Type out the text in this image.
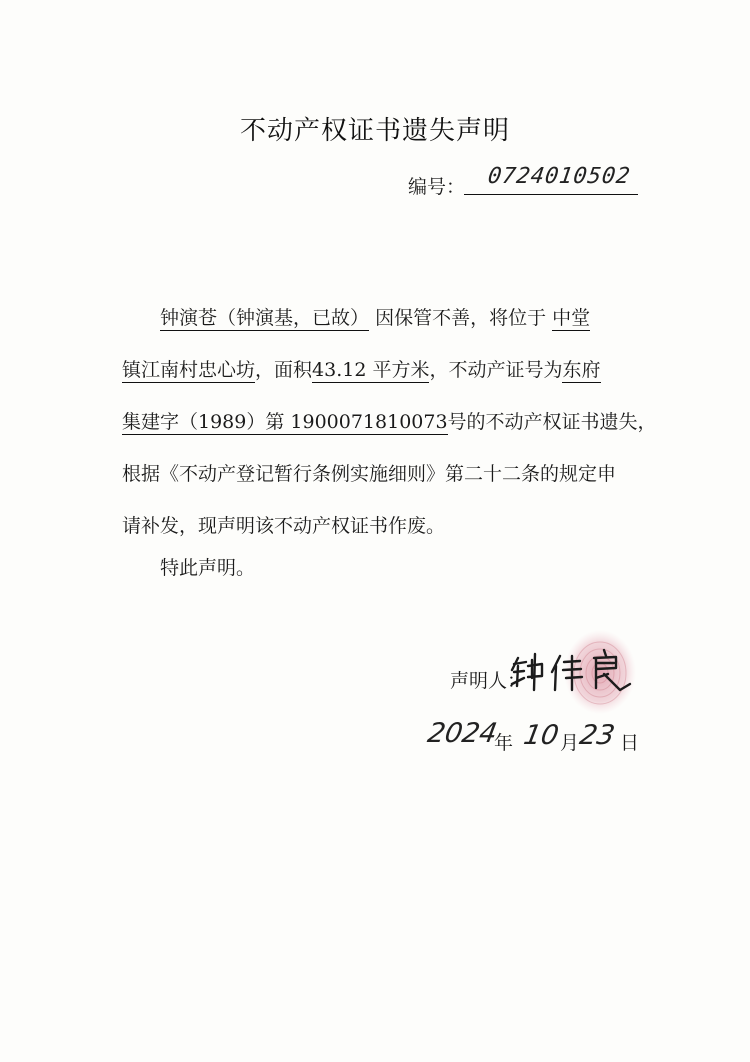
不动产权证书遗失声明
编号： 0724010502
钟演苍（钟演基，已故） 因保管不善，将位于 中堂
镇江南村忠心坊，面积43.12 平方米，不动产证号为东府
集建字（1989）第 1900071810073号的不动产权证书遗失，
根据《不动产登记暂行条例实施细则》第二十二条的规定申
请补发，现声明该不动产权证书作废。
特此声明。
声明人：
2024
年 10
月
23 日
